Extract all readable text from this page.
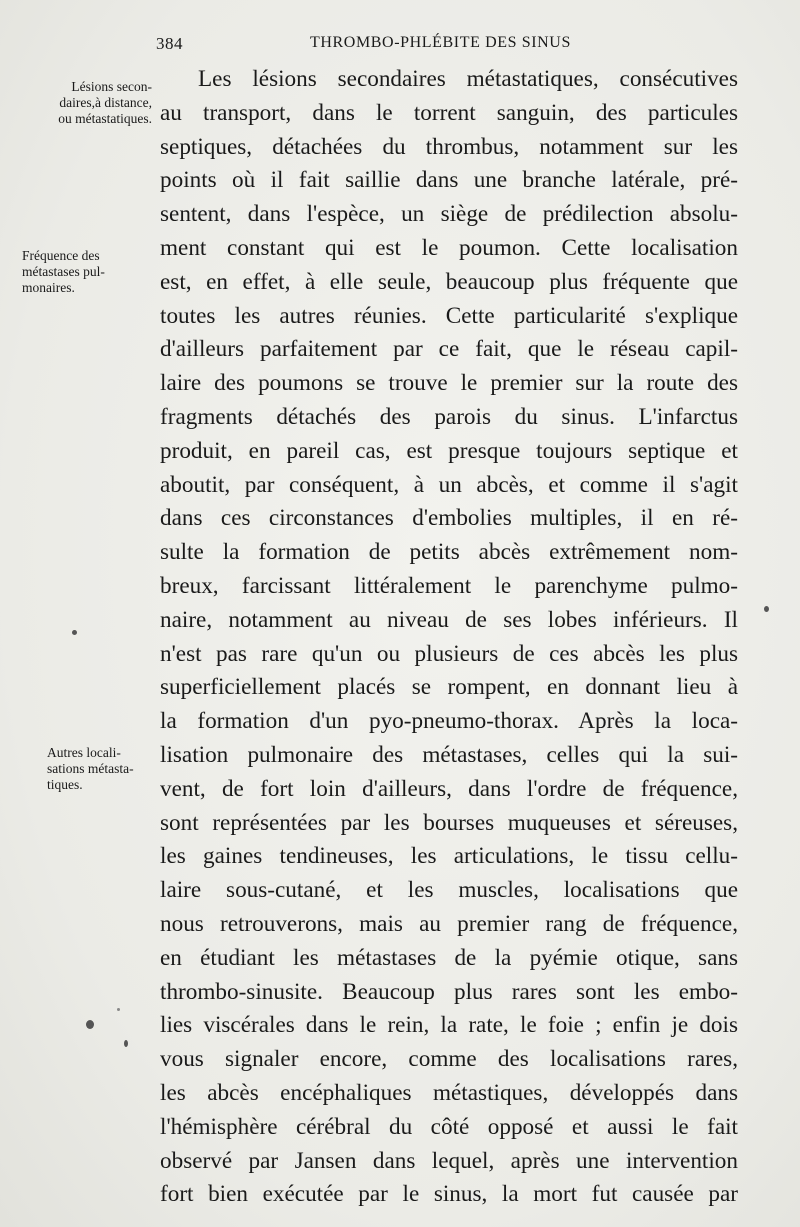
384	THROMBO-PHLÉBITE DES SINUS
Lésions secon-
daires,à distance,
ou métastatiques.
Fréquence des
métastases pul-
monaires.
Autres locali-
sations métasta-
tiques.
Les lésions secondaires métastatiques, consécutives
au transport, dans le torrent sanguin, des particules
septiques, détachées du thrombus, notamment sur les
points où il fait saillie dans une branche latérale, pré-
sentent, dans l'espèce, un siège de prédilection absolu-
ment constant qui est le poumon. Cette localisation
est, en effet, à elle seule, beaucoup plus fréquente que
toutes les autres réunies. Cette particularité s'explique
d'ailleurs parfaitement par ce fait, que le réseau capil-
laire des poumons se trouve le premier sur la route des
fragments détachés des parois du sinus. L'infarctus
produit, en pareil cas, est presque toujours septique et
aboutit, par conséquent, à un abcès, et comme il s'agit
dans ces circonstances d'embolies multiples, il en ré-
sulte la formation de petits abcès extrêmement nom-
breux, farcissant littéralement le parenchyme pulmo-
naire, notamment au niveau de ses lobes inférieurs. Il
n'est pas rare qu'un ou plusieurs de ces abcès les plus
superficiellement placés se rompent, en donnant lieu à
la formation d'un pyo-pneumo-thorax. Après la loca-
lisation pulmonaire des métastases, celles qui la sui-
vent, de fort loin d'ailleurs, dans l'ordre de fréquence,
sont représentées par les bourses muqueuses et séreuses,
les gaines tendineuses, les articulations, le tissu cellu-
laire sous-cutané, et les muscles, localisations que
nous retrouverons, mais au premier rang de fréquence,
en étudiant les métastases de la pyémie otique, sans
thrombo-sinusite. Beaucoup plus rares sont les embo-
lies viscérales dans le rein, la rate, le foie ; enfin je dois
vous signaler encore, comme des localisations rares,
les abcès encéphaliques métastiques, développés dans
l'hémisphère cérébral du côté opposé et aussi le fait
observé par Jansen dans lequel, après une intervention
fort bien exécutée par le sinus, la mort fut causée par
